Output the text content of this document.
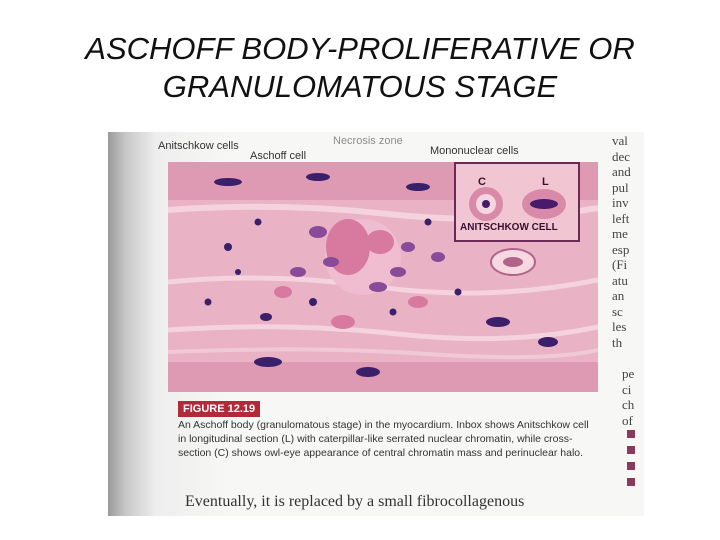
ASCHOFF BODY-PROLIFERATIVE OR
GRANULOMATOUS STAGE
Anitschkow cells
Aschoff cell
Necrosis zone
Mononuclear cells
C	L
ANITSCHKOW CELL
FIGURE 12.19
An Aschoff body (granulomatous stage) in the myocardium. Inbox shows Anitschkow cell in longitudinal section (L) with caterpillar-like serrated nuclear chromatin, while cross-section (C) shows owl-eye appearance of central chromatin mass and perinuclear halo.
Eventually, it is replaced by a small fibrocollagenous
val
dec
and
pul
inv
left
me
esp
(Fi
atu
an
sc
les
th
pe
ci
ch
of
